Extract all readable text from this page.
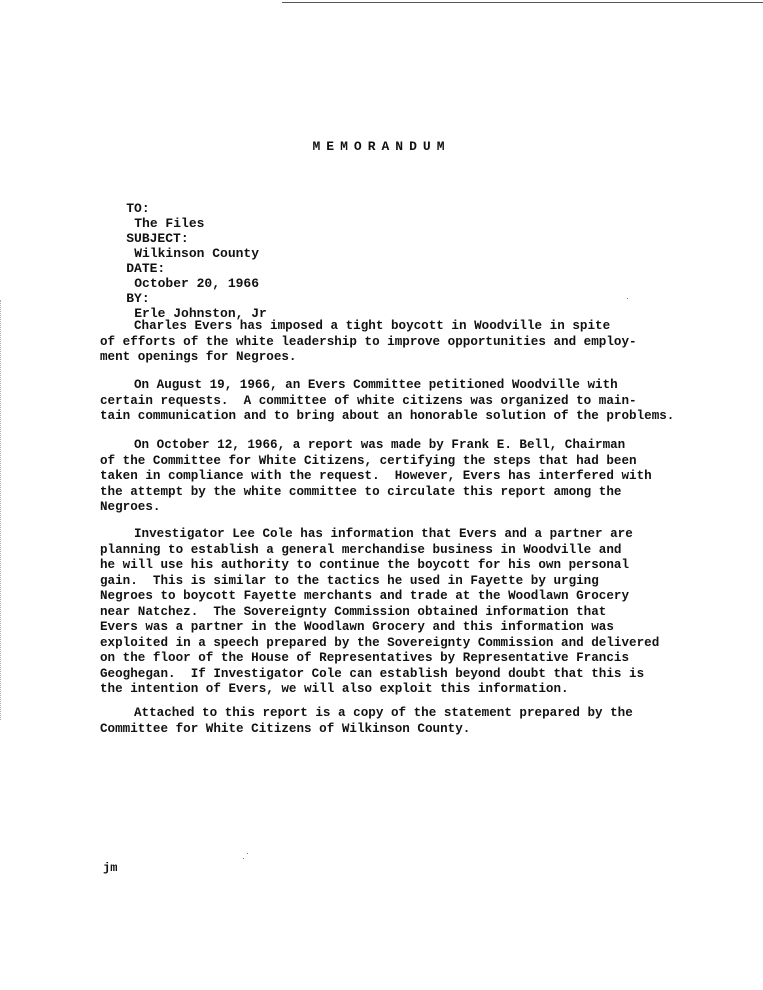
MEMORANDUM

TO:
The Files

SUBJECT:
Wilkinson County

DATE:
October 20, 1966

BY:
Erle Johnston, Jr

Charles Evers has imposed a tight boycott in Woodville in spite
of efforts of the white leadership to improve opportunities and employ-
ment openings for Negroes.
On August 19, 1966, an Evers Committee petitioned Woodville with
certain requests.  A committee of white citizens was organized to main-
tain communication and to bring about an honorable solution of the problems.
On October 12, 1966, a report was made by Frank E. Bell, Chairman
of the Committee for White Citizens, certifying the steps that had been
taken in compliance with the request.  However, Evers has interfered with
the attempt by the white committee to circulate this report among the
Negroes.
Investigator Lee Cole has information that Evers and a partner are
planning to establish a general merchandise business in Woodville and
he will use his authority to continue the boycott for his own personal
gain.  This is similar to the tactics he used in Fayette by urging
Negroes to boycott Fayette merchants and trade at the Woodlawn Grocery
near Natchez.  The Sovereignty Commission obtained information that
Evers was a partner in the Woodlawn Grocery and this information was
exploited in a speech prepared by the Sovereignty Commission and delivered
on the floor of the House of Representatives by Representative Francis
Geoghegan.  If Investigator Cole can establish beyond doubt that this is
the intention of Evers, we will also exploit this information.
Attached to this report is a copy of the statement prepared by the
Committee for White Citizens of Wilkinson County.
jm
